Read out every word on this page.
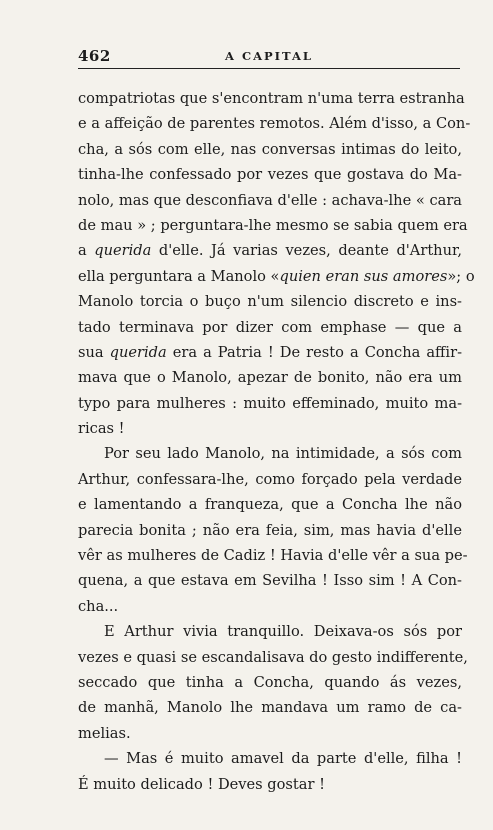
462	A CAPITAL
compatriotas que s'encontram n'uma terra estranha
e a affeição de parentes remotos. Além d'isso, a Con-
cha, a sós com elle, nas conversas intimas do leito,
tinha-lhe confessado por vezes que gostava do Ma-
nolo, mas que desconfiava d'elle : achava-lhe « cara
de mau » ; perguntara-lhe mesmo se sabia quem era
a querida d'elle. Já varias vezes, deante d'Arthur,
ella perguntara a Manolo «quien eran sus amores»; o
Manolo torcia o buço n'um silencio discreto e ins-
tado terminava por dizer com emphase — que a
sua querida era a Patria ! De resto a Concha affir-
mava que o Manolo, apezar de bonito, não era um
typo para mulheres : muito effeminado, muito ma-
ricas !
Por seu lado Manolo, na intimidade, a sós com
Arthur, confessara-lhe, como forçado pela verdade
e lamentando a franqueza, que a Concha lhe não
parecia bonita ; não era feia, sim, mas havia d'elle
vêr as mulheres de Cadiz ! Havia d'elle vêr a sua pe-
quena, a que estava em Sevilha ! Isso sim ! A Con-
cha...
E Arthur vivia tranquillo. Deixava-os sós por
vezes e quasi se escandalisava do gesto indifferente,
seccado que tinha a Concha, quando ás vezes,
de manhã, Manolo lhe mandava um ramo de ca-
melias.
— Mas é muito amavel da parte d'elle, filha !
É muito delicado ! Deves gostar !
